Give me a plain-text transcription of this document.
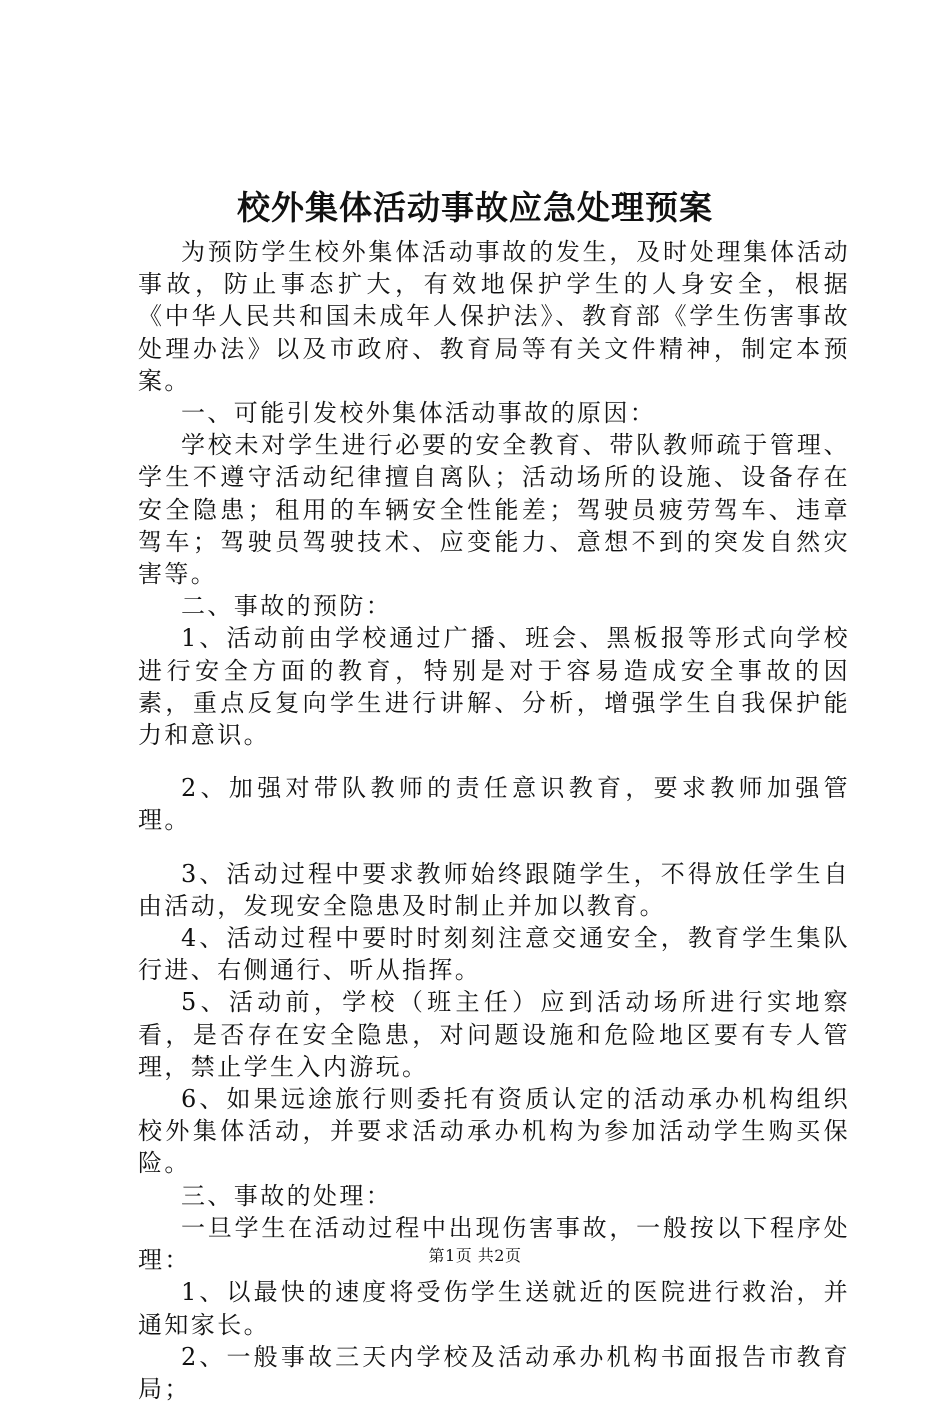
校外集体活动事故应急处理预案

为预防学生校外集体活动事故的发生，及时处理集体活动事故，防止事态扩大，有效地保护学生的人身安全，根据《中华人民共和国未成年人保护法》、教育部《学生伤害事故处理办法》以及市政府、教育局等有关文件精神，制定本预案。

一、可能引发校外集体活动事故的原因：

学校未对学生进行必要的安全教育、带队教师疏于管理、学生不遵守活动纪律擅自离队；活动场所的设施、设备存在安全隐患；租用的车辆安全性能差；驾驶员疲劳驾车、违章驾车；驾驶员驾驶技术、应变能力、意想不到的突发自然灾害等。

二、事故的预防：

1、活动前由学校通过广播、班会、黑板报等形式向学校进行安全方面的教育，特别是对于容易造成安全事故的因素，重点反复向学生进行讲解、分析，增强学生自我保护能力和意识。

2、加强对带队教师的责任意识教育，要求教师加强管理。

3、活动过程中要求教师始终跟随学生，不得放任学生自由活动，发现安全隐患及时制止并加以教育。

4、活动过程中要时时刻刻注意交通安全，教育学生集队行进、右侧通行、听从指挥。

5、活动前，学校（班主任）应到活动场所进行实地察看，是否存在安全隐患，对问题设施和危险地区要有专人管理，禁止学生入内游玩。

6、如果远途旅行则委托有资质认定的活动承办机构组织校外集体活动，并要求活动承办机构为参加活动学生购买保险。

三、事故的处理：

一旦学生在活动过程中出现伤害事故，一般按以下程序处理：

1、以最快的速度将受伤学生送就近的医院进行救治，并通知家长。

2、一般事故三天内学校及活动承办机构书面报告市教育局；

第1页 共2页
